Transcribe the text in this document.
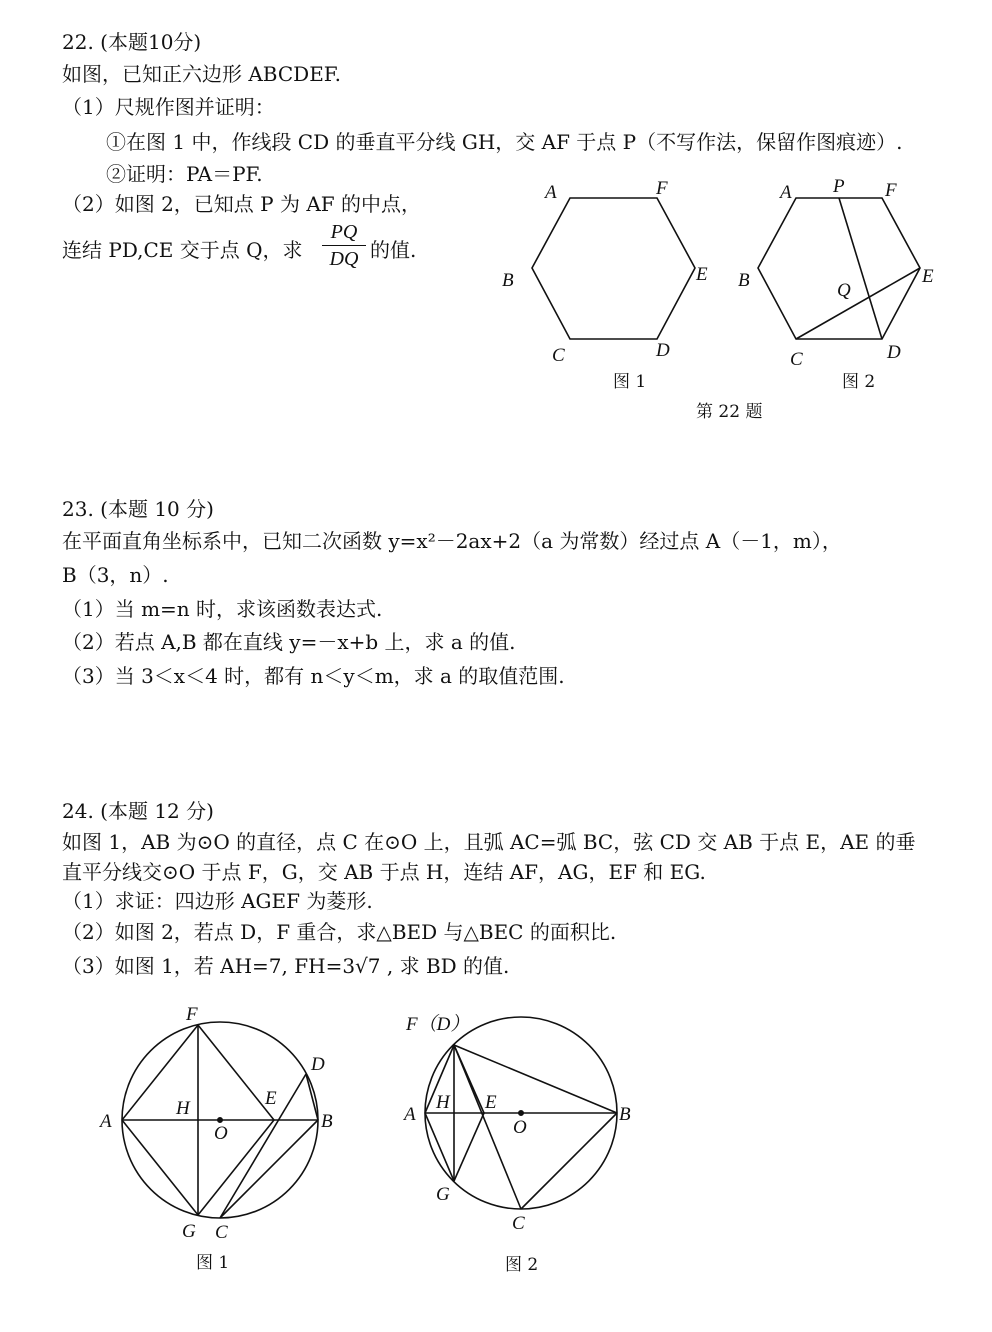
22. (本题10分)
如图，已知正六边形 ABCDEF.
（1）尺规作图并证明：
①在图 1 中，作线段 CD 的垂直平分线 GH，交 AF 于点 P（不写作法，保留作图痕迹）.
②证明：PA＝PF.
（2）如图 2，已知点 P 为 AF 的中点，
连结 PD,CE 交于点 Q，求
PQ
DQ 的值.
A	F
B	E
C	D
图 1
A P F
B	E
Q
C	D
图 2
第 22 题
23. (本题 10 分)
在平面直角坐标系中，已知二次函数 y=x²－2ax+2（a 为常数）经过点 A（－1，m），
B（3，n）.
（1）当 m=n 时，求该函数表达式.
（2）若点 A,B 都在直线 y=－x+b 上，求 a 的值.
（3）当 3＜x＜4 时，都有 n＜y＜m，求 a 的取值范围.
24. (本题 12 分)
如图 1，AB 为⊙O 的直径，点 C 在⊙O 上，且弧 AC=弧 BC，弦 CD 交 AB 于点 E，AE 的垂
直平分线交⊙O 于点 F，G，交 AB 于点 H，连结 AF，AG，EF 和 EG.
（1）求证：四边形 AGEF 为菱形.
（2）如图 2，若点 D，F 重合，求△BED 与△BEC 的面积比.
（3）如图 1，若 AH=7, FH=3√7 , 求 BD 的值.
F
D
A
H	E
O
B
G C
图 1
F（D）
A
H E
O
B
G
C
图 2
